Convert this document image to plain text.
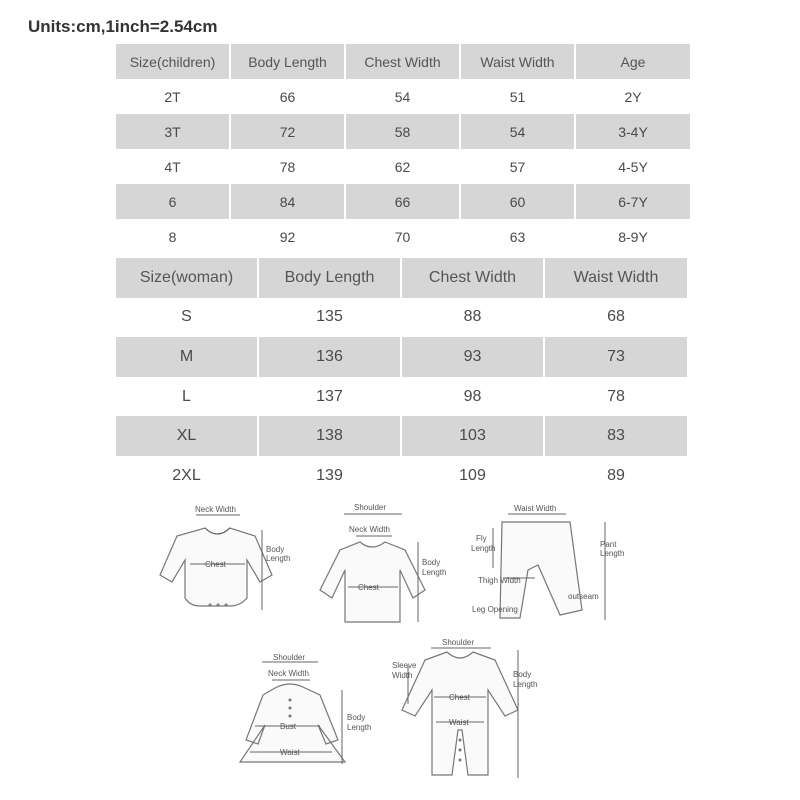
Units:cm,1inch=2.54cm
Size(children)	Body Length	Chest Width	Waist Width	Age
2T	66	54	51	2Y
3T	72	58	54	3-4Y
4T	78	62	57	4-5Y
6	84	66	60	6-7Y
8	92	70	63	8-9Y
Size(woman)	Body Length	Chest Width	Waist Width
S	135	88	68
M	136	93	73
L	137	98	78
XL	138	103	83
2XL	139	109	89
Neck Width
Chest
Body
Length
Shoulder
Neck Width
Chest
Body
Length
Waist Width
Fly
Length
Thigh Width
Leg Opening
outseam
Pant
Length
Shoulder
Neck Width
Bust
Waist
Body
Length
Shoulder
Sleeve
Width
Chest
Waist
Body
Length
